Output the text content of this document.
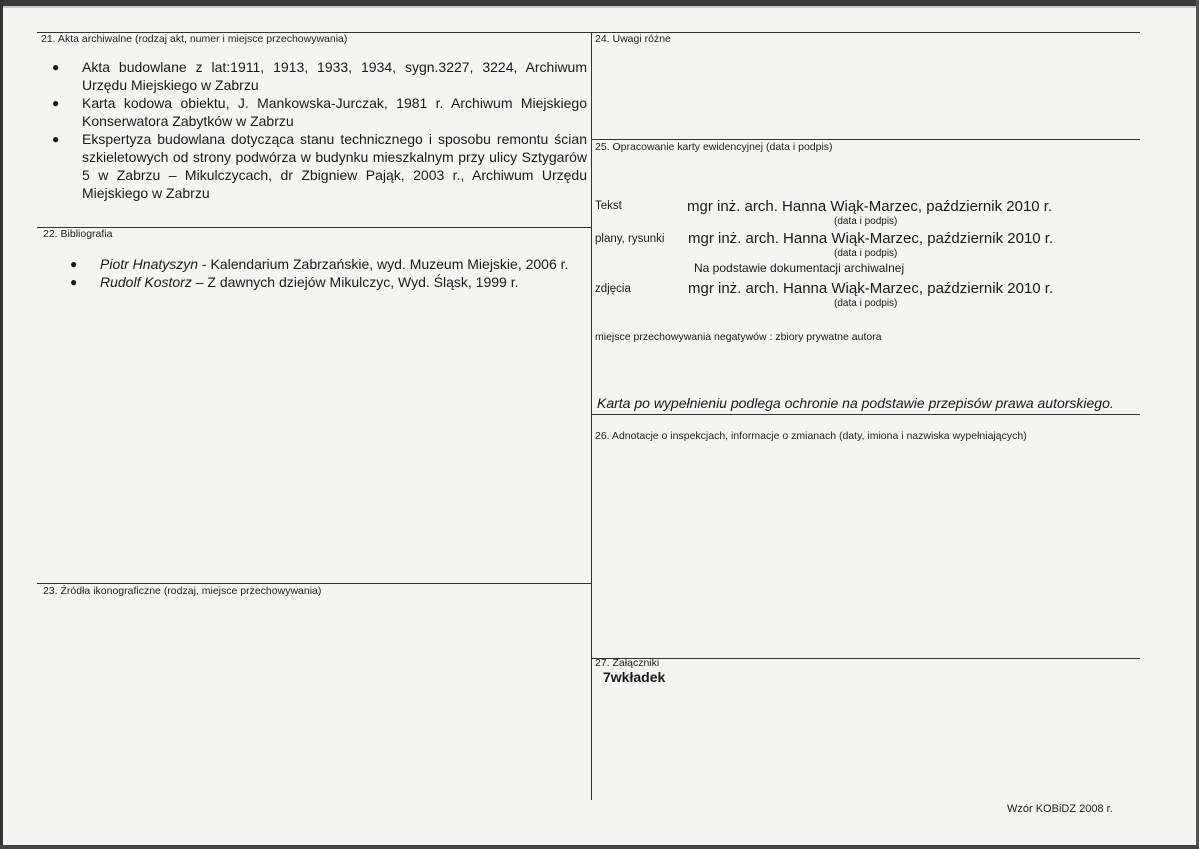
21. Akta archiwalne (rodzaj akt, numer i miejsce przechowywania)
● Akta budowlane z lat:1911, 1913, 1933, 1934, sygn.3227, 3224, Archiwum Urzędu Miejskiego w Zabrzu
● Karta kodowa obiektu, J. Mankowska-Jurczak, 1981 r. Archiwum Miejskiego Konserwatora Zabytków w Zabrzu
● Ekspertyza budowlana dotycząca stanu technicznego i sposobu remontu ścian szkieletowych od strony podwórza w budynku mieszkalnym przy ulicy Sztygarów 5 w Zabrzu – Mikulczycach, dr Zbigniew Pająk, 2003 r., Archiwum Urzędu Miejskiego w Zabrzu
22. Bibliografia
● Piotr Hnatyszyn - Kalendarium Zabrzańskie, wyd. Muzeum Miejskie, 2006 r.
● Rudolf Kostorz – Z dawnych dziejów Mikulczyc, Wyd. Śląsk, 1999 r.
23. Źródła ikonograficzne (rodzaj, miejsce przechowywania)
24. Uwagi różne
25. Opracowanie karty ewidencyjnej (data i podpis)
Tekst	mgr inż. arch. Hanna Wiąk-Marzec, październik 2010 r.
(data i podpis)
plany, rysunki mgr inż. arch. Hanna Wiąk-Marzec, październik 2010 r.
(data i podpis)
Na podstawie dokumentacji archiwalnej
zdjęcia	mgr inż. arch. Hanna Wiąk-Marzec, październik 2010 r.
(data i podpis)
miejsce przechowywania negatywów : zbiory prywatne autora
Karta po wypełnieniu podlega ochronie na podstawie przepisów prawa autorskiego.
26. Adnotacje o inspekcjach, informacje o zmianach (daty, imiona i nazwiska wypełniających)
27. Załączniki
7wkładek
Wzór KOBiDZ 2008 r.
